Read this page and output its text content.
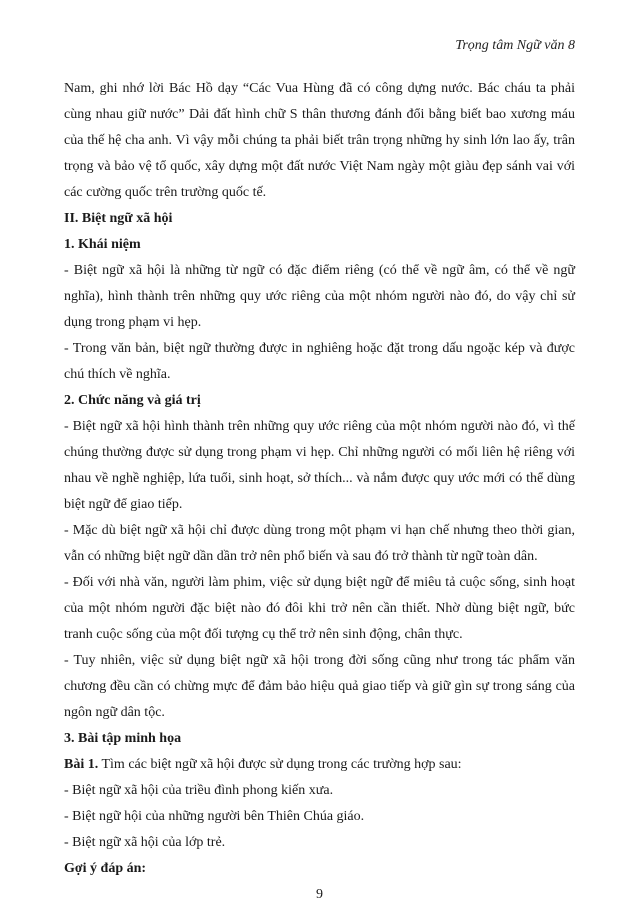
Trọng tâm Ngữ văn 8

Nam, ghi nhớ lời Bác Hồ dạy “Các Vua Hùng đã có công dựng nước. Bác cháu ta phải cùng nhau giữ nước” Dải đất hình chữ S thân thương đánh đổi bằng biết bao xương máu của thế hệ cha anh. Vì vậy mỗi chúng ta phải biết trân trọng những hy sinh lớn lao ấy, trân trọng và bảo vệ tổ quốc, xây dựng một đất nước Việt Nam ngày một giàu đẹp sánh vai với các cường quốc trên trường quốc tế.

II. Biệt ngữ xã hội

1. Khái niệm

- Biệt ngữ xã hội là những từ ngữ có đặc điểm riêng (có thể về ngữ âm, có thể về ngữ nghĩa), hình thành trên những quy ước riêng của một nhóm người nào đó, do vậy chỉ sử dụng trong phạm vi hẹp.

- Trong văn bản, biệt ngữ thường được in nghiêng hoặc đặt trong dấu ngoặc kép và được chú thích về nghĩa.

2. Chức năng và giá trị

- Biệt ngữ xã hội hình thành trên những quy ước riêng của một nhóm người nào đó, vì thế chúng thường được sử dụng trong phạm vi hẹp. Chỉ những người có mối liên hệ riêng với nhau về nghề nghiệp, lứa tuổi, sinh hoạt, sở thích... và nắm được quy ước mới có thể dùng biệt ngữ để giao tiếp.

- Mặc dù biệt ngữ xã hội chỉ được dùng trong một phạm vi hạn chế nhưng theo thời gian, vẫn có những biệt ngữ dần dần trở nên phổ biến và sau đó trở thành từ ngữ toàn dân.

- Đối với nhà văn, người làm phim, việc sử dụng biệt ngữ để miêu tả cuộc sống, sinh hoạt của một nhóm người đặc biệt nào đó đôi khi trở nên cần thiết. Nhờ dùng biệt ngữ, bức tranh cuộc sống của một đối tượng cụ thể trở nên sinh động, chân thực.

- Tuy nhiên, việc sử dụng biệt ngữ xã hội trong đời sống cũng như trong tác phẩm văn chương đều cần có chừng mực để đảm bảo hiệu quả giao tiếp và giữ gìn sự trong sáng của ngôn ngữ dân tộc.

3. Bài tập minh họa

Bài 1. Tìm các biệt ngữ xã hội được sử dụng trong các trường hợp sau:

- Biệt ngữ xã hội của triều đình phong kiến xưa.

- Biệt ngữ hội của những người bên Thiên Chúa giáo.

- Biệt ngữ xã hội của lớp trẻ.

Gợi ý đáp án:

9
